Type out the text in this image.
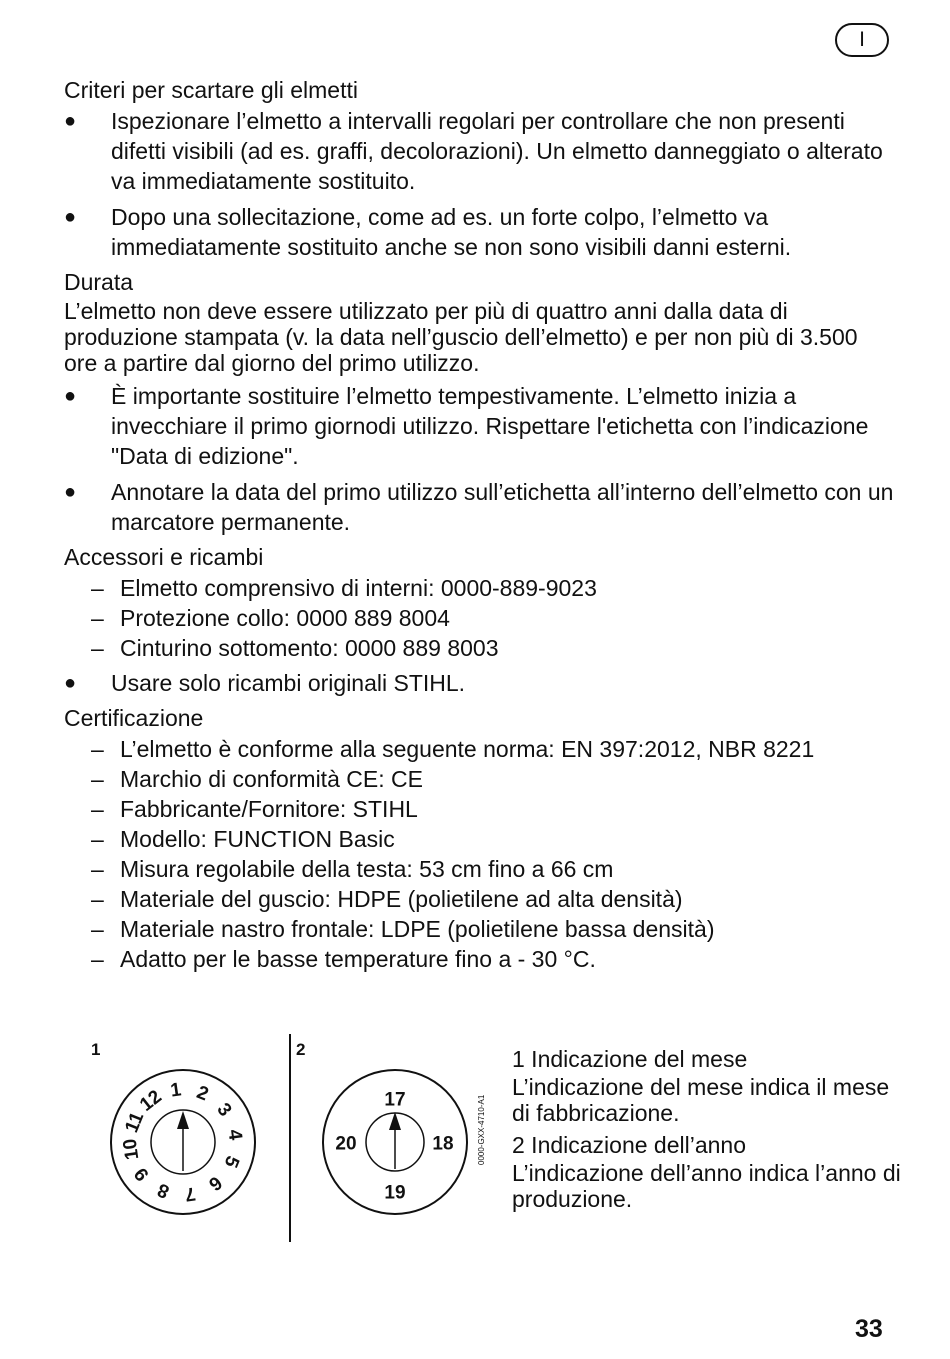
I
Criteri per scartare gli elmetti
● Ispezionare l’elmetto a intervalli regolari per controllare che non presenti difetti visibili (ad es. graffi, decolorazioni). Un elmetto danneggiato o alterato va immediatamente sostituito.
● Dopo una sollecitazione, come ad es. un forte colpo, l’elmetto va immediatamente sostituito anche se non sono visibili danni esterni.
Durata

L’elmetto non deve essere utilizzato per più di quattro anni dalla data di produzione stampata (v. la data nell’guscio dell’elmetto) e per non più di 3.500 ore a partire dal giorno del primo utilizzo.

● È importante sostituire l’elmetto tempestivamente. L’elmetto inizia a invecchiare il primo giornodi utilizzo. Rispettare l'etichetta con l’indicazione "Data di edizione".
● Annotare la data del primo utilizzo sull’etichetta all’interno dell’elmetto con un marcatore permanente.
Accessori e ricambi
– Elmetto comprensivo di interni: 0000-889-9023
– Protezione collo: 0000 889 8004
– Cinturino sottomento: 0000 889 8003
● Usare solo ricambi originali STIHL.
Certificazione
– L’elmetto è conforme alla seguente norma: EN 397:2012, NBR 8221
– Marchio di conformità CE: CE
– Fabbricante/Fornitore: STIHL
– Modello: FUNCTION Basic
– Misura regolabile della testa: 53 cm fino a 66 cm
– Materiale del guscio: HDPE (polietilene ad alta densità)
– Materiale nastro frontale: LDPE (polietilene bassa densità)
– Adatto per le basse temperature fino a - 30 °C.
1	2
1 2
3
4
5
6
7
8
9
10
11
12	17
18
19
20	0000-GXX-4710-A1
1 Indicazione del mese

L’indicazione del mese indica il mese di fabbricazione.

2 Indicazione dell’anno

L’indicazione dell’anno indica l’anno di produzione.

33
